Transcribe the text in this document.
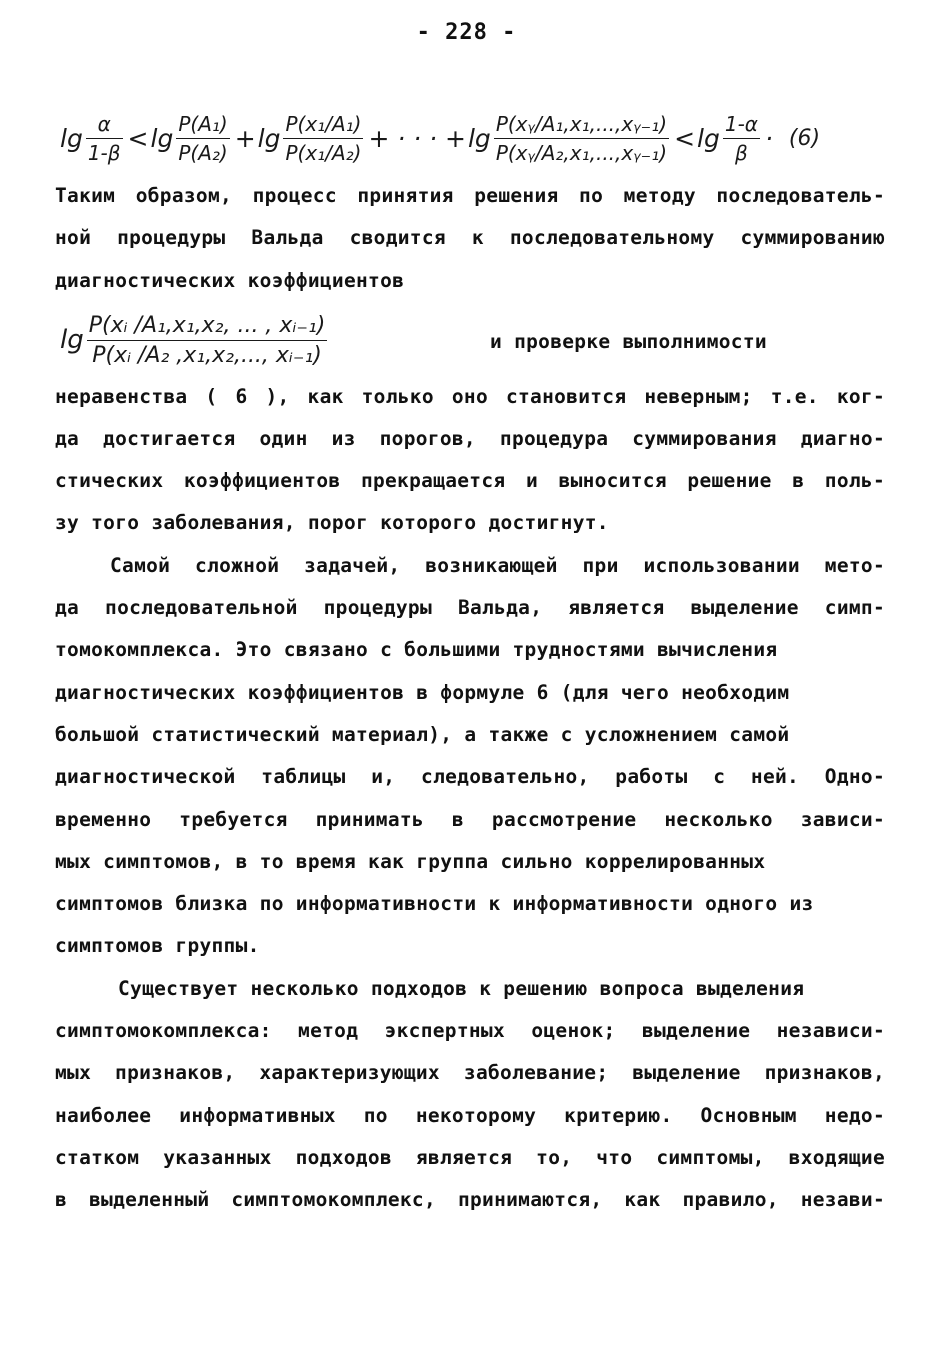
- 228 -
$\lg \frac{\alpha}{1-\beta} < \lg \frac{\text{P(A₁)}}{\text{P(A₂)}} + \lg \frac{\text{P(x₁/A₁)}}{\text{P(x₁/A₂)}}$ + · · · + $\lg \frac{\text{P(xᵧ/A₁,x₁,...,xᵧ₋₁)}}{\text{P(xᵧ/A₂,x₁,...,xᵧ₋₁)}} < \lg \frac{1-\alpha}{\beta} \cdot (6)$
Таким образом, процесс принятия решения по методу последователь-
ной процедуры Вальда сводится к последовательному суммированию
диагностических коэффициентов
$\lg \frac{\text{P(xᵢ /A₁,x₁,x₂, ... , xᵢ₋₁)}}{\text{P(xᵢ /A₂ ,x₁,x₂,..., xᵢ₋₁)}}$	и проверке выполнимости
неравенства ( 6 ), как только оно становится неверным; т.е. ког-
да достигается один из порогов, процедура суммирования диагно-
стических коэффициентов прекращается и выносится решение в поль-
зу того заболевания, порог которого достигнут.
Самой сложной задачей, возникающей при использовании мето-
да последовательной процедуры Вальда, является выделение симп-
томокомплекса. Это связано с большими трудностями вычисления
диагностических коэффициентов в формуле 6 (для чего необходим
большой статистический материал), а также с усложнением самой
диагностической таблицы и, следовательно, работы с ней. Одно-
временно требуется принимать в рассмотрение несколько зависи-
мых симптомов, в то время как группа сильно коррелированных
симптомов близка по информативности к информативности одного из
симптомов группы.
Существует несколько подходов к решению вопроса выделения
симптомокомплекса: метод экспертных оценок; выделение независи-
мых признаков, характеризующих заболевание; выделение признаков,
наиболее информативных по некоторому критерию. Основным недо-
статком указанных подходов является то, что симптомы, входящие
в выделенный симптомокомплекс, принимаются, как правило, незави-
